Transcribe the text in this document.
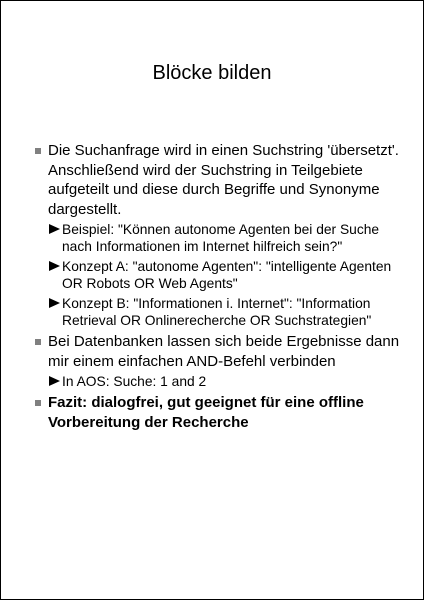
Blöcke bilden
Die Suchanfrage wird in einen Suchstring 'übersetzt'. Anschließend wird der Suchstring in Teilgebiete aufgeteilt und diese durch Begriffe und Synonyme dargestellt.
Beispiel: "Können autonome Agenten bei der Suche nach Informationen im Internet hilfreich sein?"
Konzept A: "autonome Agenten": "intelligente Agenten OR Robots OR Web Agents"
Konzept B: "Informationen i. Internet": "Information Retrieval OR Onlinerecherche OR Suchstrategien"
Bei Datenbanken lassen sich beide Ergebnisse dann mir einem einfachen AND-Befehl verbinden
In AOS: Suche: 1 and 2
Fazit: dialogfrei, gut geeignet für eine offline Vorbereitung der Recherche
